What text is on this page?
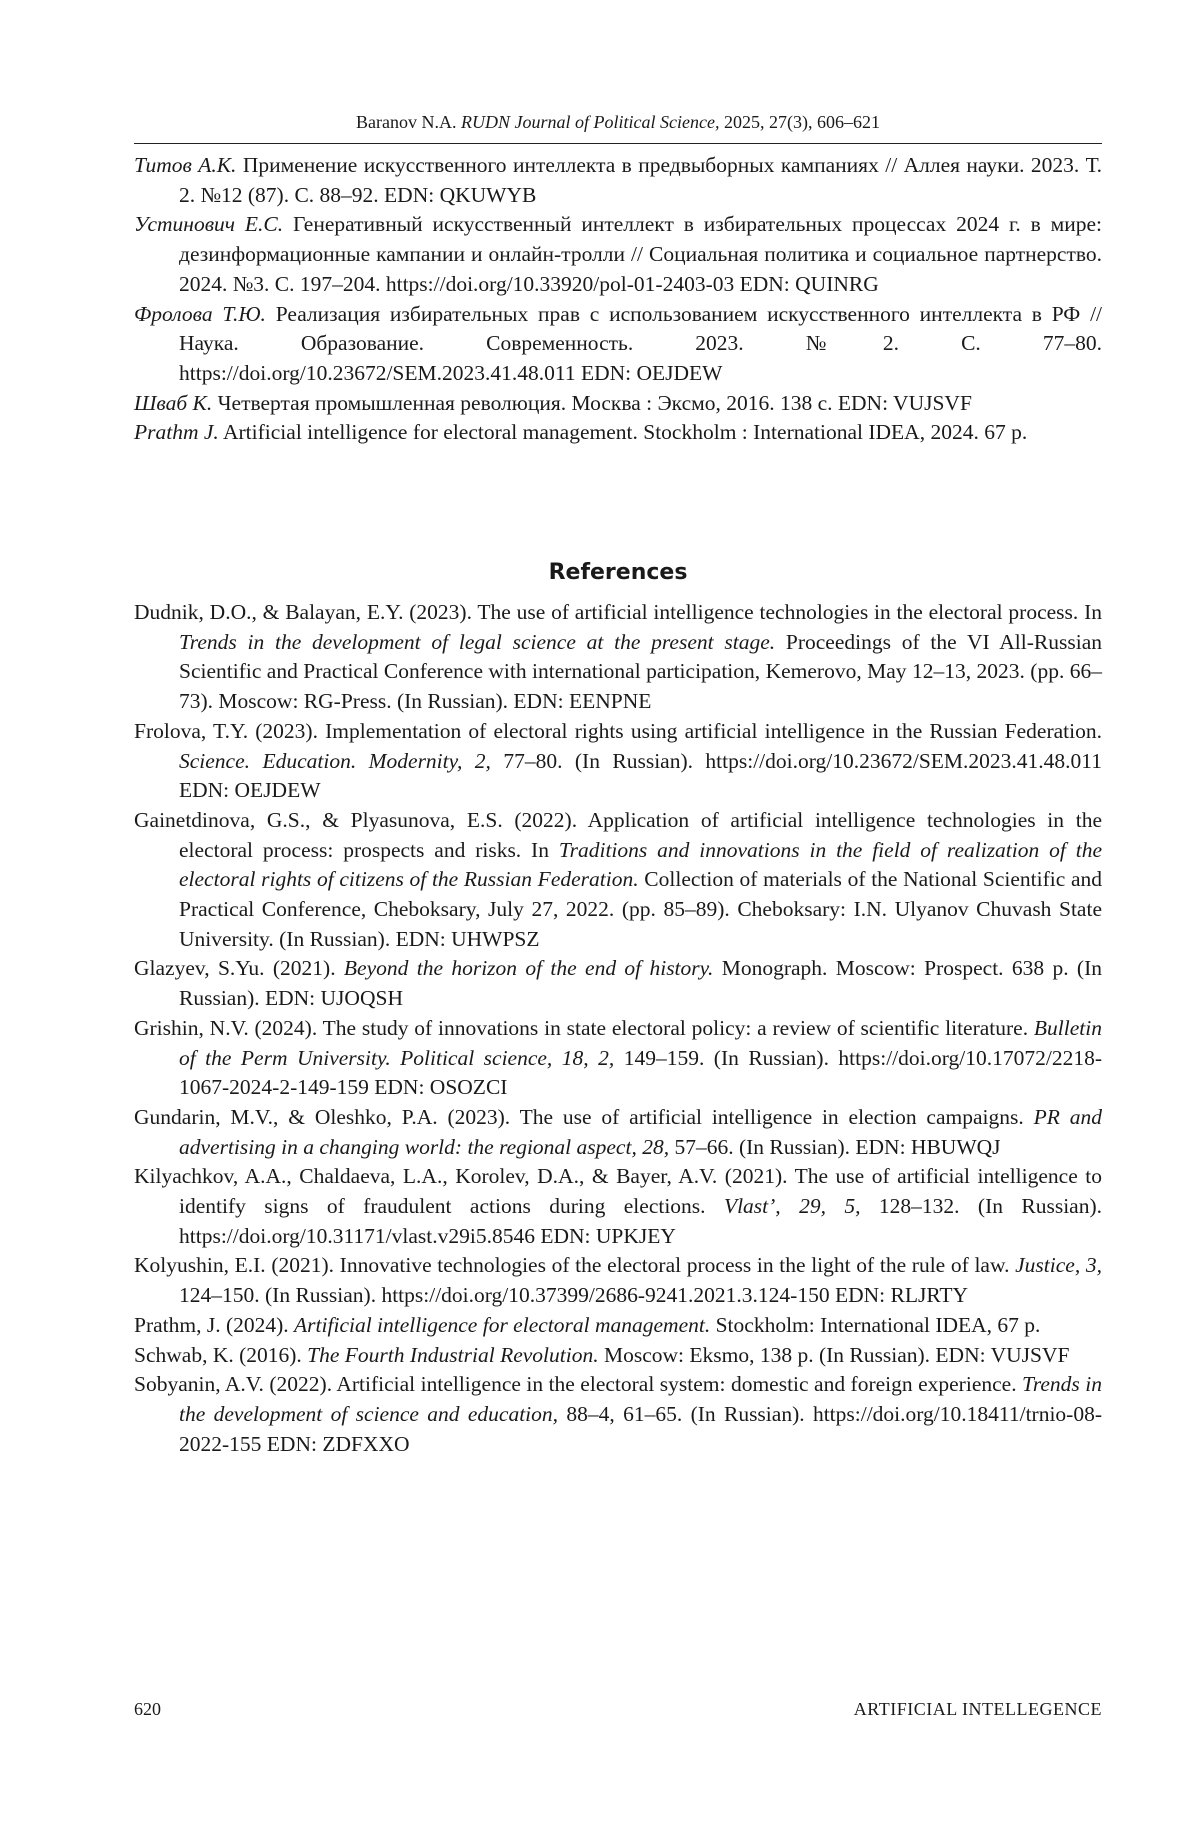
Baranov N.A. RUDN Journal of Political Science, 2025, 27(3), 606–621
Титов А.К. Применение искусственного интеллекта в предвыборных кампаниях // Аллея науки. 2023. Т. 2. №12 (87). С. 88–92. EDN: QKUWYB
Устинович Е.С. Генеративный искусственный интеллект в избирательных процессах 2024 г. в мире: дезинформационные кампании и онлайн-тролли // Социальная политика и социальное партнерство. 2024. №3. С. 197–204. https://doi.org/10.33920/pol-01-2403-03 EDN: QUINRG
Фролова Т.Ю. Реализация избирательных прав с использованием искусственного интеллекта в РФ // Наука. Образование. Современность. 2023. №2. С. 77–80. https://doi.org/10.23672/SEM.2023.41.48.011 EDN: OEJDEW
Шваб К. Четвертая промышленная революция. Москва : Эксмо, 2016. 138 с. EDN: VUJSVF
Prathm J. Artificial intelligence for electoral management. Stockholm : International IDEA, 2024. 67 p.
References
Dudnik, D.O., & Balayan, E.Y. (2023). The use of artificial intelligence technologies in the electoral process. In Trends in the development of legal science at the present stage. Proceedings of the VI All-Russian Scientific and Practical Conference with international participation, Kemerovo, May 12–13, 2023. (pp. 66–73). Moscow: RG-Press. (In Russian). EDN: EENPNE
Frolova, T.Y. (2023). Implementation of electoral rights using artificial intelligence in the Russian Federation. Science. Education. Modernity, 2, 77–80. (In Russian). https://doi.org/10.23672/SEM.2023.41.48.011 EDN: OEJDEW
Gainetdinova, G.S., & Plyasunova, E.S. (2022). Application of artificial intelligence technologies in the electoral process: prospects and risks. In Traditions and innovations in the field of realization of the electoral rights of citizens of the Russian Federation. Collection of materials of the National Scientific and Practical Conference, Cheboksary, July 27, 2022. (pp. 85–89). Cheboksary: I.N. Ulyanov Chuvash State University. (In Russian). EDN: UHWPSZ
Glazyev, S.Yu. (2021). Beyond the horizon of the end of history. Monograph. Moscow: Prospect. 638 p. (In Russian). EDN: UJOQSH
Grishin, N.V. (2024). The study of innovations in state electoral policy: a review of scientific literature. Bulletin of the Perm University. Political science, 18, 2, 149–159. (In Russian). https://doi.org/10.17072/2218-1067-2024-2-149-159 EDN: OSOZCI
Gundarin, M.V., & Oleshko, P.A. (2023). The use of artificial intelligence in election campaigns. PR and advertising in a changing world: the regional aspect, 28, 57–66. (In Russian). EDN: HBUWQJ
Kilyachkov, A.A., Chaldaeva, L.A., Korolev, D.A., & Bayer, A.V. (2021). The use of artificial intelligence to identify signs of fraudulent actions during elections. Vlast’, 29, 5, 128–132. (In Russian). https://doi.org/10.31171/vlast.v29i5.8546 EDN: UPKJEY
Kolyushin, E.I. (2021). Innovative technologies of the electoral process in the light of the rule of law. Justice, 3, 124–150. (In Russian). https://doi.org/10.37399/2686-9241.2021.3.124-150 EDN: RLJRTY
Prathm, J. (2024). Artificial intelligence for electoral management. Stockholm: International IDEA, 67 p.
Schwab, K. (2016). The Fourth Industrial Revolution. Moscow: Eksmo, 138 p. (In Russian). EDN: VUJSVF
Sobyanin, A.V. (2022). Artificial intelligence in the electoral system: domestic and foreign experience. Trends in the development of science and education, 88–4, 61–65. (In Russian). https://doi.org/10.18411/trnio-08-2022-155 EDN: ZDFXXO
620	ARTIFICIAL INTELLEGENCE
